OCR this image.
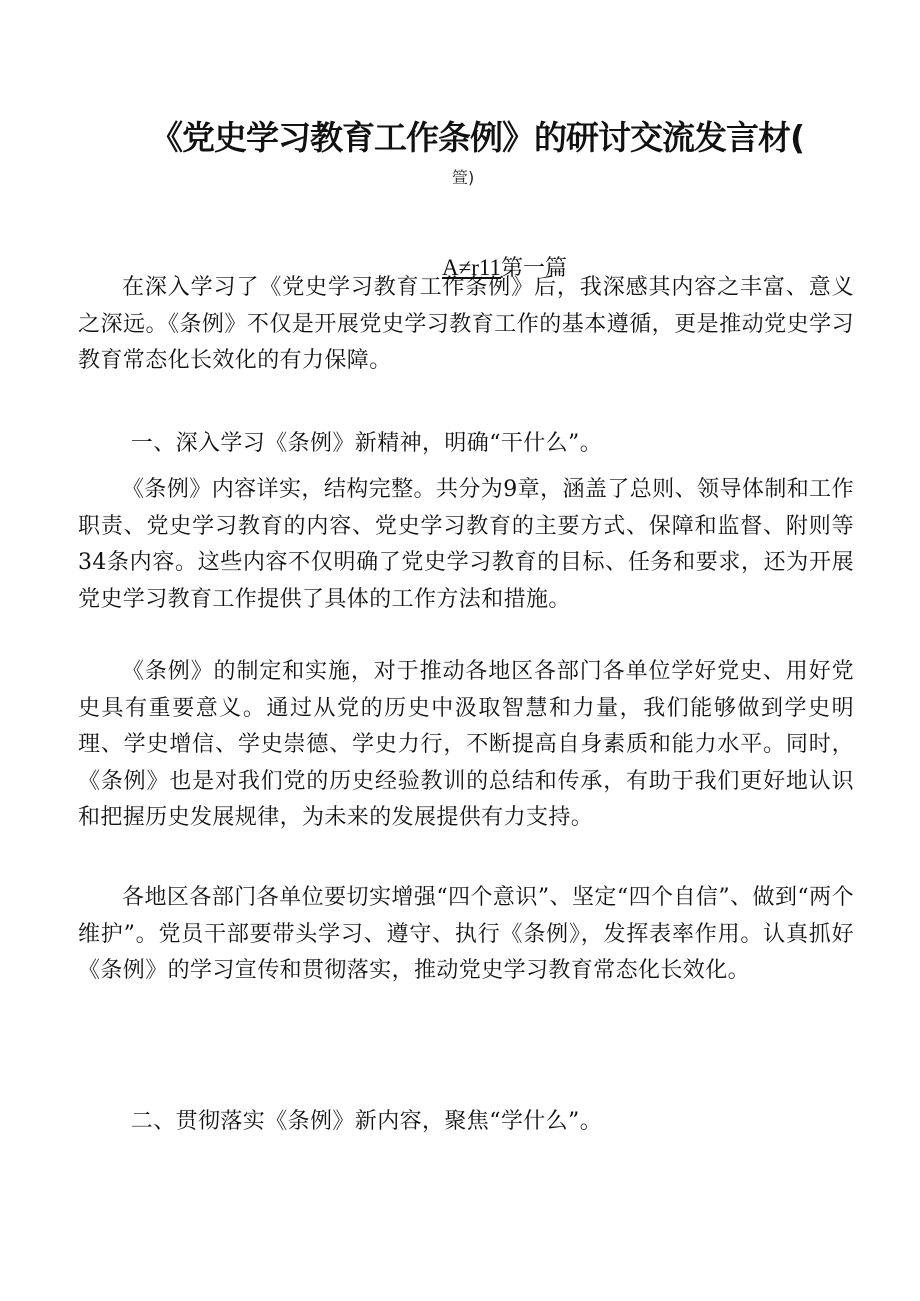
《党史学习教育工作条例》的研讨交流发言材(
箮)
A≠r11第一篇

在深入学习了《党史学习教育工作条例》后，我深感其内容之丰富、意义之深远。《条例》不仅是开展党史学习教育工作的基本遵循，更是推动党史学习教育常态化长效化的有力保障。

一、深入学习《条例》新精神，明确“干什么”。

《条例》内容详实，结构完整。共分为9章，涵盖了总则、领导体制和工作职责、党史学习教育的内容、党史学习教育的主要方式、保障和监督、附则等34条内容。这些内容不仅明确了党史学习教育的目标、任务和要求，还为开展党史学习教育工作提供了具体的工作方法和措施。

《条例》的制定和实施，对于推动各地区各部门各单位学好党史、用好党史具有重要意义。通过从党的历史中汲取智慧和力量，我们能够做到学史明理、学史增信、学史崇德、学史力行，不断提高自身素质和能力水平。同时，《条例》也是对我们党的历史经验教训的总结和传承，有助于我们更好地认识和把握历史发展规律，为未来的发展提供有力支持。

各地区各部门各单位要切实增强“四个意识”、坚定“四个自信”、做到“两个维护”。党员干部要带头学习、遵守、执行《条例》，发挥表率作用。认真抓好《条例》的学习宣传和贯彻落实，推动党史学习教育常态化长效化。

二、贯彻落实《条例》新内容，聚焦“学什么”。
